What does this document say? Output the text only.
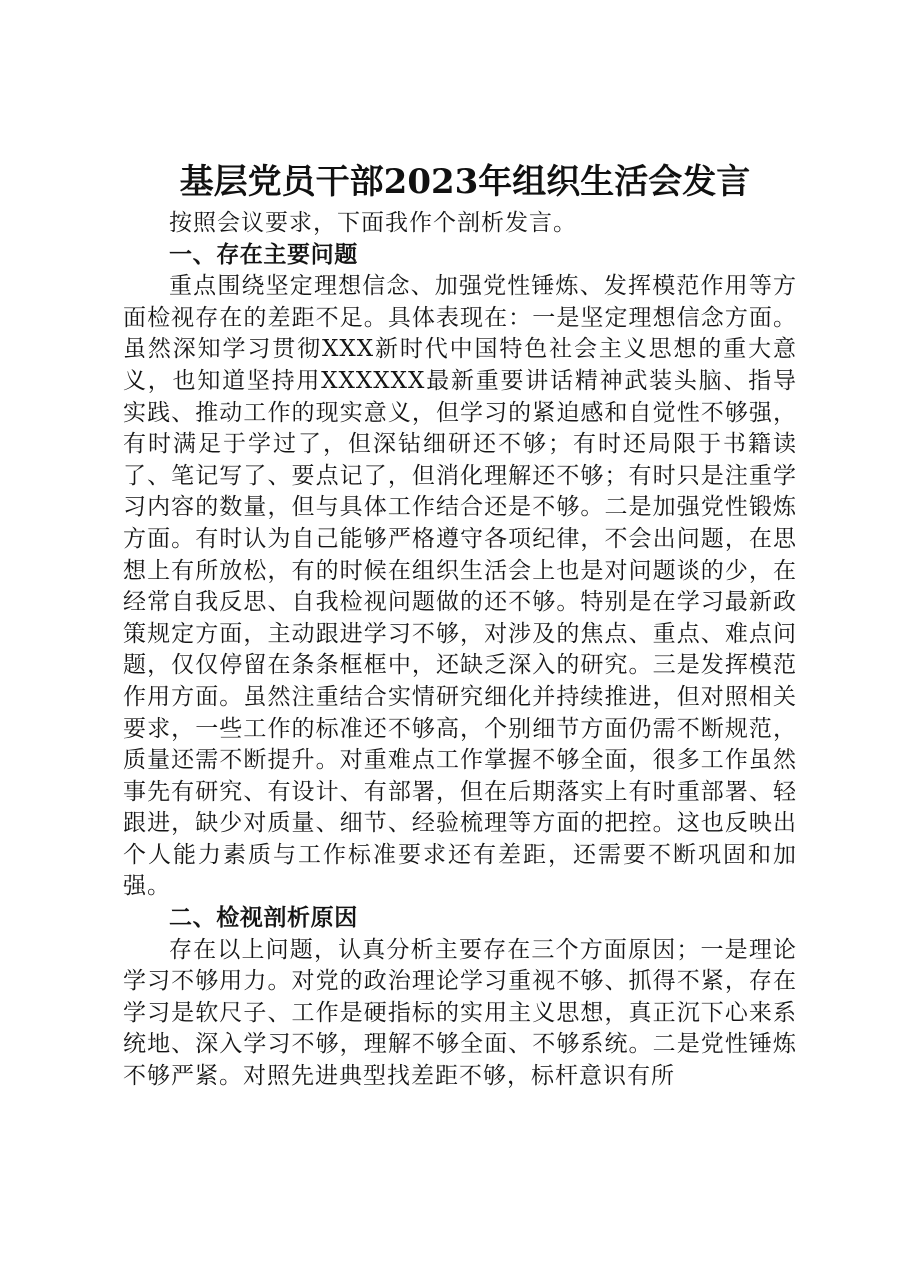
基层党员干部2023年组织生活会发言

按照会议要求，下面我作个剖析发言。

一、存在主要问题

重点围绕坚定理想信念、加强党性锤炼、发挥模范作用等方面检视存在的差距不足。具体表现在：一是坚定理想信念方面。虽然深知学习贯彻XXX新时代中国特色社会主义思想的重大意义，也知道坚持用XXXXXX最新重要讲话精神武装头脑、指导实践、推动工作的现实意义，但学习的紧迫感和自觉性不够强，有时满足于学过了，但深钻细研还不够；有时还局限于书籍读了、笔记写了、要点记了，但消化理解还不够；有时只是注重学习内容的数量，但与具体工作结合还是不够。二是加强党性锻炼方面。有时认为自己能够严格遵守各项纪律，不会出问题，在思想上有所放松，有的时候在组织生活会上也是对问题谈的少，在经常自我反思、自我检视问题做的还不够。特别是在学习最新政策规定方面，主动跟进学习不够，对涉及的焦点、重点、难点问题，仅仅停留在条条框框中，还缺乏深入的研究。三是发挥模范作用方面。虽然注重结合实情研究细化并持续推进，但对照相关要求，一些工作的标准还不够高，个别细节方面仍需不断规范，质量还需不断提升。对重难点工作掌握不够全面，很多工作虽然事先有研究、有设计、有部署，但在后期落实上有时重部署、轻跟进，缺少对质量、细节、经验梳理等方面的把控。这也反映出个人能力素质与工作标准要求还有差距，还需要不断巩固和加强。

二、检视剖析原因

存在以上问题，认真分析主要存在三个方面原因；一是理论学习不够用力。对党的政治理论学习重视不够、抓得不紧，存在学习是软尺子、工作是硬指标的实用主义思想，真正沉下心来系统地、深入学习不够，理解不够全面、不够系统。二是党性锤炼不够严紧。对照先进典型找差距不够，标杆意识有所
